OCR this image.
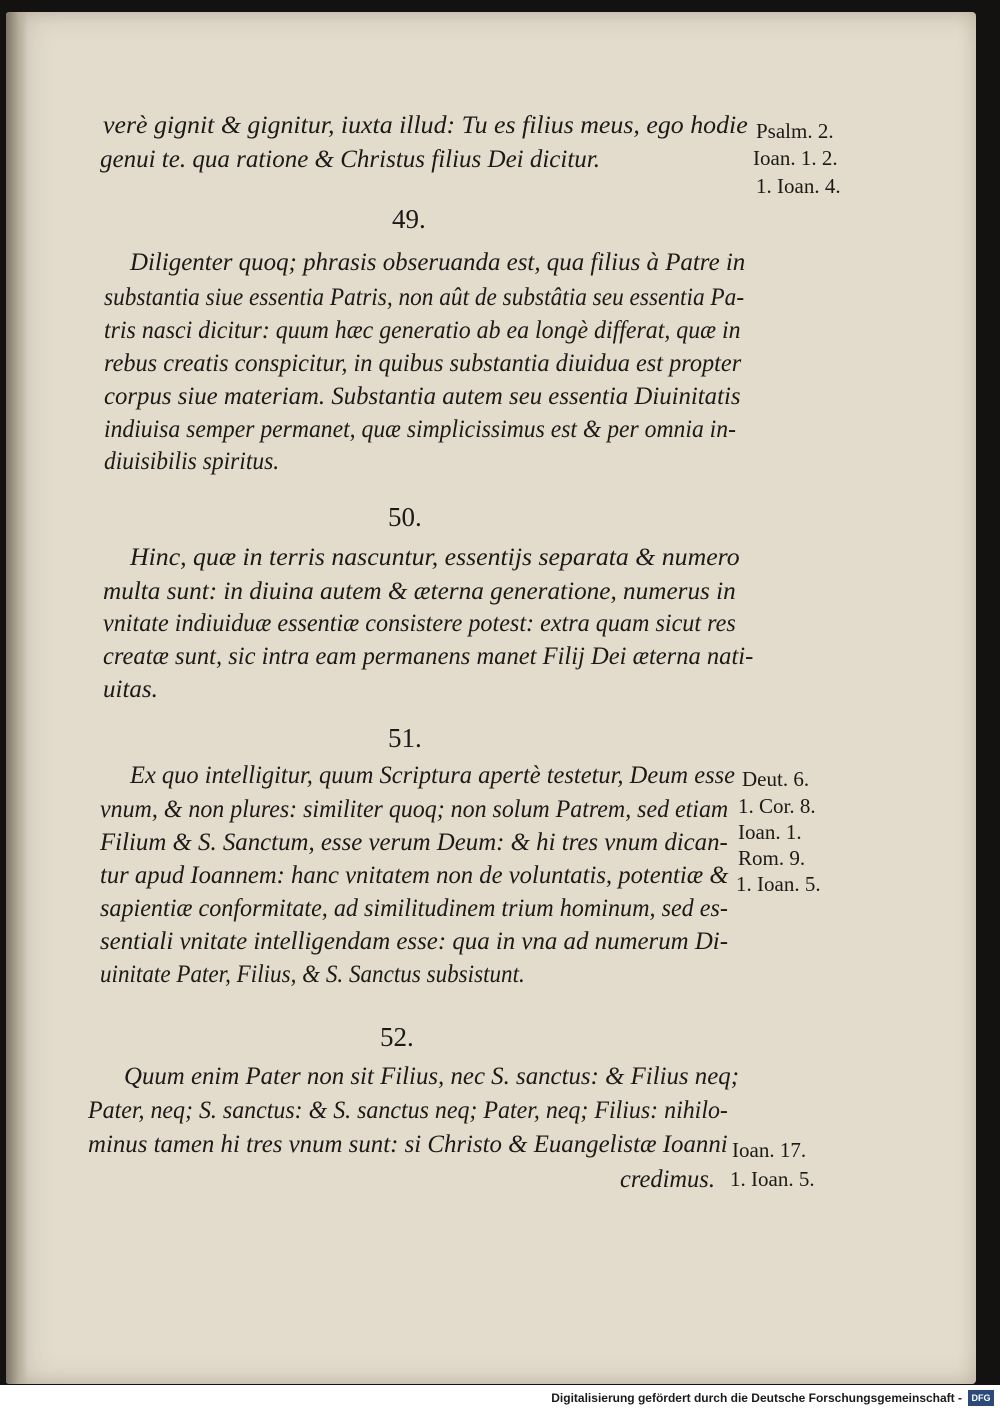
verè gignit & gignitur, iuxta illud: Tu es filius meus, ego hodie
genui te. qua ratione & Christus filius Dei dicitur.
Psalm. 2.
Ioan. 1. 2.
1. Ioan. 4.
49.
Diligenter quoq; phrasis obseruanda est, qua filius à Patre in
substantia siue essentia Patris, non aût de substâtia seu essentia Pa-
tris nasci dicitur: quum hæc generatio ab ea longè differat, quæ in
rebus creatis conspicitur, in quibus substantia diuidua est propter
corpus siue materiam. Substantia autem seu essentia Diuinitatis
indiuisa semper permanet, quæ simplicissimus est & per omnia in-
diuisibilis spiritus.
50.
Hinc, quæ in terris nascuntur, essentijs separata & numero
multa sunt: in diuina autem & æterna generatione, numerus in
vnitate indiuiduæ essentiæ consistere potest: extra quam sicut res
creatæ sunt, sic intra eam permanens manet Filij Dei æterna nati-
uitas.
51.
Ex quo intelligitur, quum Scriptura apertè testetur, Deum esse
vnum, & non plures: similiter quoq; non solum Patrem, sed etiam
Filium & S. Sanctum, esse verum Deum: & hi tres vnum dican-
tur apud Ioannem: hanc vnitatem non de voluntatis, potentiæ &
sapientiæ conformitate, ad similitudinem trium hominum, sed es-
sentiali vnitate intelligendam esse: qua in vna ad numerum Di-
uinitate Pater, Filius, & S. Sanctus subsistunt.
Deut. 6.
1. Cor. 8.
Ioan. 1.
Rom. 9.
1. Ioan. 5.
52.
Quum enim Pater non sit Filius, nec S. sanctus: & Filius neq;
Pater, neq; S. sanctus: & S. sanctus neq; Pater, neq; Filius: nihilo-
minus tamen hi tres vnum sunt: si Christo & Euangelistæ Ioanni
credimus.
Ioan. 17.
1. Ioan. 5.
Digitalisierung gefördert durch die Deutsche Forschungsgemeinschaft -	DFG
